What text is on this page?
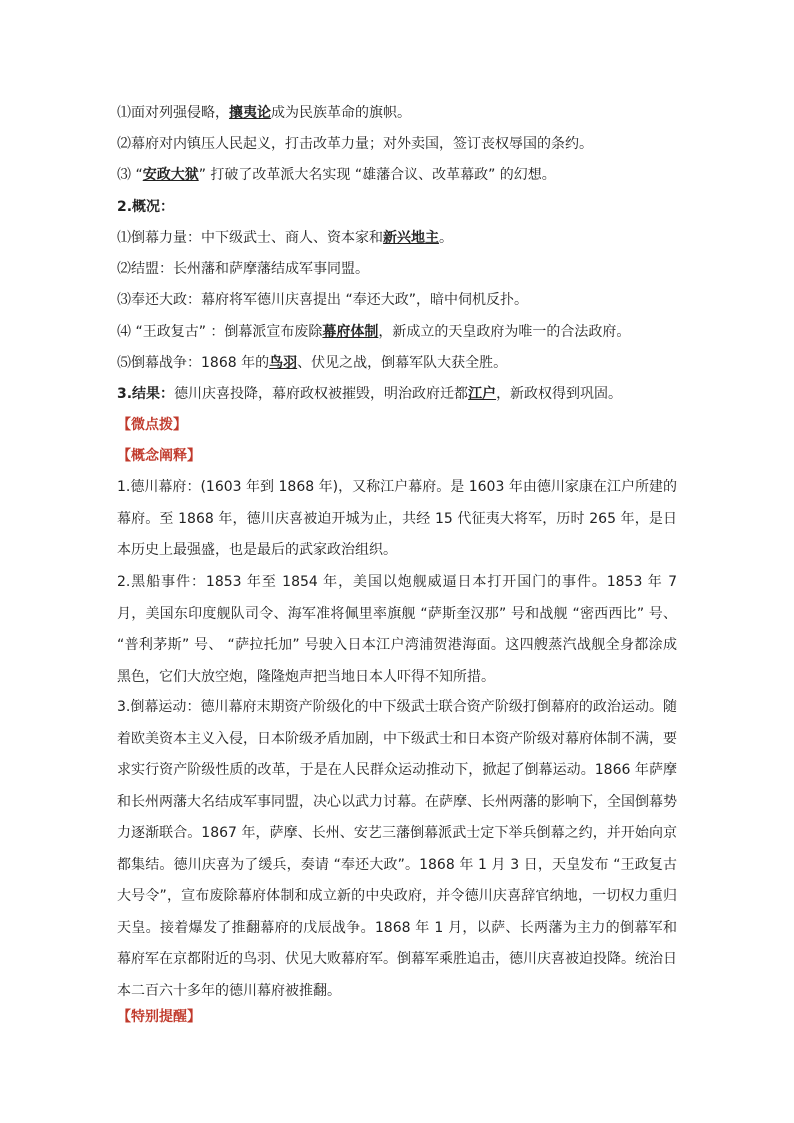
⑴面对列强侵略，攘夷论成为民族革命的旗帜。
⑵幕府对内镇压人民起义，打击改革力量；对外卖国，签订丧权辱国的条约。
⑶ “安政大狱” 打破了改革派大名实现 “雄藩合议、改革幕政” 的幻想。
2.概况：
⑴倒幕力量：中下级武士、商人、资本家和新兴地主。
⑵结盟：长州藩和萨摩藩结成军事同盟。
⑶奉还大政：幕府将军德川庆喜提出 “奉还大政”，暗中伺机反扑。
⑷ “王政复古” ：倒幕派宣布废除幕府体制，新成立的天皇政府为唯一的合法政府。
⑸倒幕战争：1868 年的鸟羽、伏见之战，倒幕军队大获全胜。
3.结果：德川庆喜投降，幕府政权被摧毁，明治政府迁都江户，新政权得到巩固。
【微点拨】
【概念阐释】
1.德川幕府：(1603 年到 1868 年)，又称江户幕府。是 1603 年由德川家康在江户所建的幕府。至 1868 年，德川庆喜被迫开城为止，共经 15 代征夷大将军，历时 265 年，是日本历史上最强盛，也是最后的武家政治组织。
2.黑船事件：1853 年至 1854 年，美国以炮舰威逼日本打开国门的事件。1853 年 7 月，美国东印度舰队司令、海军准将佩里率旗舰 “萨斯奎汉那” 号和战舰 “密西西比” 号、 “普利茅斯” 号、 “萨拉托加” 号驶入日本江户湾浦贺港海面。这四艘蒸汽战舰全身都涂成黑色，它们大放空炮，隆隆炮声把当地日本人吓得不知所措。
3.倒幕运动：德川幕府末期资产阶级化的中下级武士联合资产阶级打倒幕府的政治运动。随着欧美资本主义入侵，日本阶级矛盾加剧，中下级武士和日本资产阶级对幕府体制不满，要求实行资产阶级性质的改革，于是在人民群众运动推动下，掀起了倒幕运动。1866 年萨摩和长州两藩大名结成军事同盟，决心以武力讨幕。在萨摩、长州两藩的影响下，全国倒幕势力逐渐联合。1867 年，萨摩、长州、安艺三藩倒幕派武士定下举兵倒幕之约，并开始向京都集结。德川庆喜为了缓兵，奏请 “奉还大政”。1868 年 1 月 3 日，天皇发布 “王政复古大号令”，宣布废除幕府体制和成立新的中央政府，并令德川庆喜辞官纳地，一切权力重归天皇。接着爆发了推翻幕府的戊辰战争。1868 年 1 月，以萨、长两藩为主力的倒幕军和幕府军在京都附近的鸟羽、伏见大败幕府军。倒幕军乘胜追击，德川庆喜被迫投降。统治日本二百六十多年的德川幕府被推翻。
【特别提醒】
